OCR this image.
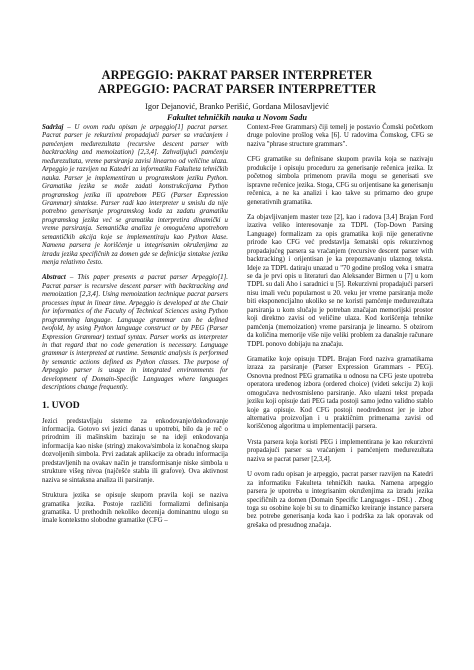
ARPEGGIO: PAKRAT PARSER INTERPRETER
ARPEGGIO: PACRAT PARSER INTERPRETTER
Igor Dejanović, Branko Perišić, Gordana Milosavljević
Fakultet tehničkih nauka u Novom Sadu

Sadržaj – U ovom radu opisan je arpeggio[1] pacrat parser. Pacrat parser je rekurzivni propadajući parser sa vraćanjem i pamćenjem međurezultata (recursive descent parser with backtracking and memoization) [2,3,4]. Zahvaljujući pamćenju međurezultata, vreme parsiranja zavisi linearno od veličine ulaza. Arpeggio je razvijen na Katedri za informatiku Fakulteta tehničkih nauka. Parser je implementiran u programskom jeziku Python. Gramatika jezika se može zadati konstrukcijama Python programskog jezika ili upotrebom PEG (Parser Expression Grammar) sintakse. Parser radi kao interpreter u smislu da nije potrebno generisanje programskog koda za zadatu gramatiku programskog jezika već se gramatika interpretira dinamički u vreme parsiranja. Semantička analiza je omogućena upotrebom semantičkih akcija koje se implementiraju kao Python klase. Namena parsera je korišćenje u integrisanim okruženjima za izradu jezika specifičnih za domen gde se definicija sintakse jezika menja relativno često.

Abstract – This paper presents a pacrat parser Arpeggio[1]. Pacrat parser is recursive descent parser with backtracking and memoization [2,3,4]. Using memoization technique pacrat parsers processes input in linear time. Arpeggio is developed at the Chair for informatics of the Faculty of Technical Sciences using Python programming language. Language grammar can be defined twofold, by using Python language construct or by PEG (Parser Expression Grammar) textual syntax. Parser works as interpreter in that regard that no code generation is necessary. Language grammar is interpreted at runtime. Semantic analysis is performed by semantic actions defined as Python classes. The purpose of Arpeggio parser is usage in integrated environments for development of Domain-Specific Languages where languages descriptions change frequently.

1. UVOD

Jezici predstavljaju sisteme za enkodovanje/dekodovanje informacija. Gotovo svi jezici danas u upotrebi, bilo da je reč o prirodnim ili mašinskim baziraju se na ideji enkodovanja informacija kao niske (string) znakova/simbola iz konačnog skupa dozvoljenih simbola. Prvi zadatak aplikacije za obradu informacija predstavljenih na ovakav način je transformisanje niske simbola u strukture višeg nivoa (najčešće stabla ili grafove). Ova aktivnost naziva se sintaksna analiza ili parsiranje.

Struktura jezika se opisuje skupom pravila koji se naziva gramatika jezika. Postoje različiti formalizmi definisanja gramatika. U prethodnih nekoliko decenija dominantnu ulogu su imale kontekstno slobodne gramatike (CFG –

Context-Free Grammars) čiji temelj je postavio Čomski početkom druge polovine prošlog veka [6]. U radovima Čomskog, CFG se naziva "phrase structure grammars".

CFG gramatike su definisane skupom pravila koja se nazivaju produkcije i opisuju proceduru za generisanje rečenica jezika. Iz početnog simbola primenom pravila mogu se generisati sve ispravne rečenice jezika. Stoga, CFG su orijentisane ka generisanju rečenica, a ne ka analizi i kao takve su primarno deo grupe generativnih gramatika.

Za objavljivanjem master teze [2], kao i radova [3,4] Brajan Ford izaziva veliko interesovanje za TDPL (Top-Down Parsing Language) formalizam za opis gramatika koji nije generativne prirode kao CFG već predstavlja šematski opis rekurzivnog propadajućeg parsera sa vraćanjem (recursive descent parser with backtracking) i orijentisan je ka prepoznavanju ulaznog teksta. Ideje za TDPL datiraju unazad u "70 godine prošlog veka i smatra se da je prvi opis u literaturi dao Aleksander Birmen u [7] u kom TDPL su dali Aho i saradnici u [5]. Rekurzivni propadajući parseri nisu imali veću popularnost u 20. veku jer vreme parsiranja može biti eksponencijalno ukoliko se ne koristi pamćenje međurezultata parsiranja u kom slučaju je potreban značajan memorijski prostor koji direktno zavisi od veličine ulaza. Kod korišćenja tehnike pamćenja (memoization) vreme parsiranja je linearno. S obzirom da količina memorije više nije veliki problem za današnje računare TDPL ponovo dobijaju na značaju.

Gramatike koje opisuju TDPL Brajan Ford naziva gramatikama izraza za parsiranje (Parser Expression Grammars - PEG). Osnovna prednost PEG gramatika u odnosu na CFG jeste upotreba operatora uređenog izbora (ordered choice) (videti sekciju 2) koji omogućava nedvosmisleno parsiranje. Ako ulazni tekst prepada jeziku koji opisuje dati PEG tada postoji samo jedno validno stablo koje ga opisuje. Kod CFG postoji neodređenost jer je izbor alternativa proizvoljan i u praktičnim primenama zavisi od korišćenog algoritma u implementaciji parsera.

Vrsta parsera koja koristi PEG i implementirana je kao rekurzivni propadajući parser sa vraćanjem i pamćenjem međurezultata naziva se pacrat parser [2,3,4].

U ovom radu opisan je arpeggio, pacrat parser razvijen na Katedri za informatiku Fakulteta tehničkih nauka. Namena arpeggio parsera je upotreba u integrisanim okruženjima za izradu jezika specifičnih za domen (Domain Specific Languages - DSL) . Zbog toga su osobine koje bi su to dinamičko kreiranje instance parsera bez potrebe generisanja koda kao i podrška za lak oporavak od grešaka od presudnog značaja.
